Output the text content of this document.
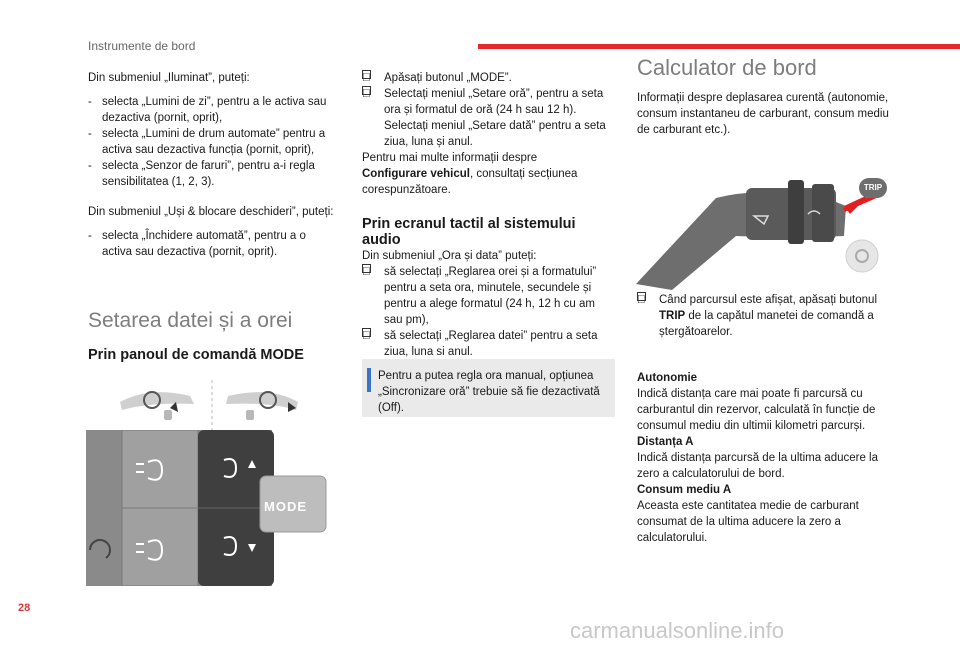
Instrumente de bord

Din submeniul „Iluminat”, puteți:

- selecta „Lumini de zi”, pentru a le activa sau dezactiva (pornit, oprit),
- selecta „Lumini de drum automate” pentru a activa sau dezactiva funcția (pornit, oprit),
- selecta „Senzor de faruri”, pentru a-i regla sensibilitatea (1, 2, 3).

Din submeniul „Uși & blocare deschideri”, puteți:

- selecta „Închidere automată”, pentru a o activa sau dezactiva (pornit, oprit).
Setarea datei și a orei
Prin panoul de comandă MODE
MODE
Apăsați butonul „MODE”.
Selectați meniul „Setare oră”, pentru a seta ora și formatul de oră (24 h sau 12 h). Selectați meniul „Setare dată” pentru a seta ziua, luna și anul.

Pentru mai multe informații despre
Configurare vehicul, consultați secțiunea corespunzătoare.

Prin ecranul tactil al sistemului audio

Din submeniul „Ora și data” puteți:

să selectați „Reglarea orei și a formatului” pentru a seta ora, minutele, secundele și pentru a alege formatul (24 h, 12 h cu am sau pm),
să selectați „Reglarea datei” pentru a seta ziua, luna si anul.
Pentru a putea regla ora manual, opțiunea „Sincronizare oră” trebuie să fie dezactivată (Off).
Calculator de bord

Informații despre deplasarea curentă (autonomie, consum instantaneu de carburant, consum mediu de carburant etc.).

TRIP
Când parcursul este afișat, apăsați butonul TRIP de la capătul manetei de comandă a ștergătoarelor.
Autonomie
Indică distanța care mai poate fi parcursă cu carburantul din rezervor, calculată în funcție de consumul mediu din ultimii kilometri parcurși.
Distanța A
Indică distanța parcursă de la ultima aducere la zero a calculatorului de bord.
Consum mediu A
Aceasta este cantitatea medie de carburant consumat de la ultima aducere la zero a calculatorului.
28
carmanualsonline.info
